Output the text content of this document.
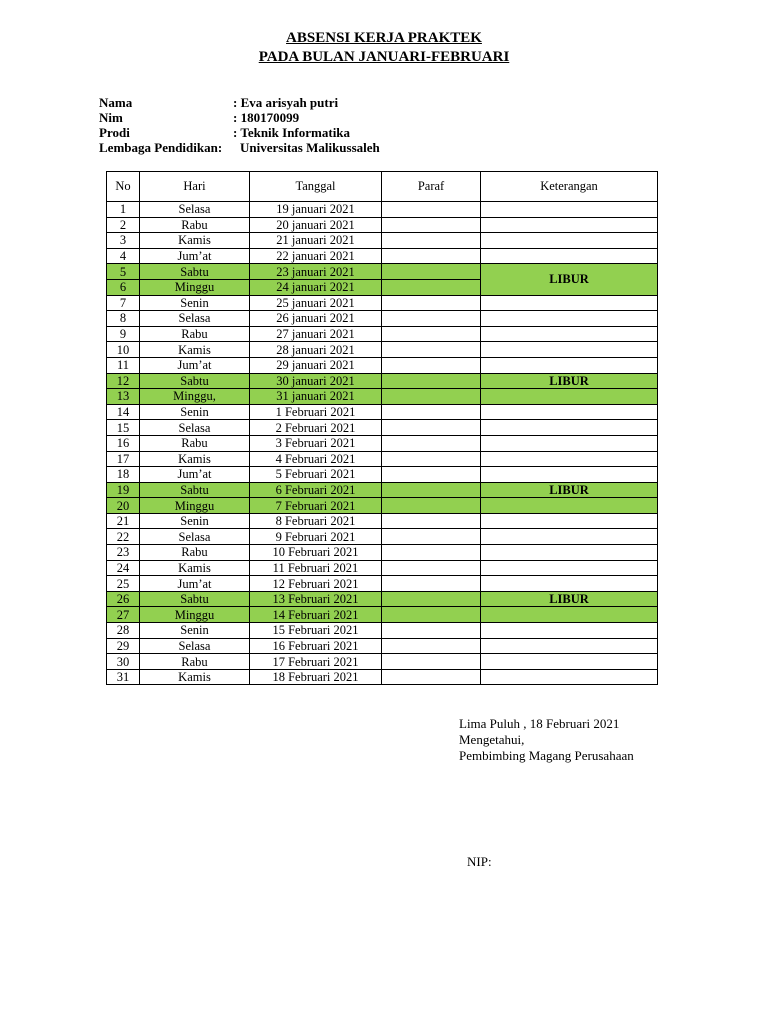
ABSENSI KERJA PRAKTEK
PADA BULAN JANUARI-FEBRUARI
Nama	: Eva arisyah putri
Nim	: 180170099
Prodi	: Teknik Informatika
Lembaga Pendidikan: Universitas Malikussaleh
No	Hari	Tanggal	Paraf	Keterangan
1	Selasa	19 januari 2021		
2	Rabu	20 januari 2021		
3	Kamis	21 januari 2021		
4	Jum’at	22 januari 2021		
5	Sabtu	23 januari 2021		LIBUR
6	Minggu	24 januari 2021		
7	Senin	25 januari 2021		
8	Selasa	26 januari 2021		
9	Rabu	27 januari 2021		
10	Kamis	28 januari 2021		
11	Jum’at	29 januari 2021		
12	Sabtu	30 januari 2021		LIBUR
13	Minggu,	31 januari 2021		
14	Senin	1 Februari 2021		
15	Selasa	2 Februari 2021		
16	Rabu	3 Februari 2021		
17	Kamis	4 Februari 2021		
18	Jum’at	5 Februari 2021		
19	Sabtu	6 Februari 2021		LIBUR
20	Minggu	7 Februari 2021		
21	Senin	8 Februari 2021		
22	Selasa	9 Februari 2021		
23	Rabu	10 Februari 2021		
24	Kamis	11 Februari 2021		
25	Jum’at	12 Februari 2021		
26	Sabtu	13 Februari 2021		LIBUR
27	Minggu	14 Februari 2021		
28	Senin	15 Februari 2021		
29	Selasa	16 Februari 2021		
30	Rabu	17 Februari 2021		
31	Kamis	18 Februari 2021		
Lima Puluh , 18 Februari 2021
Mengetahui,
Pembimbing Magang Perusahaan
NIP:
